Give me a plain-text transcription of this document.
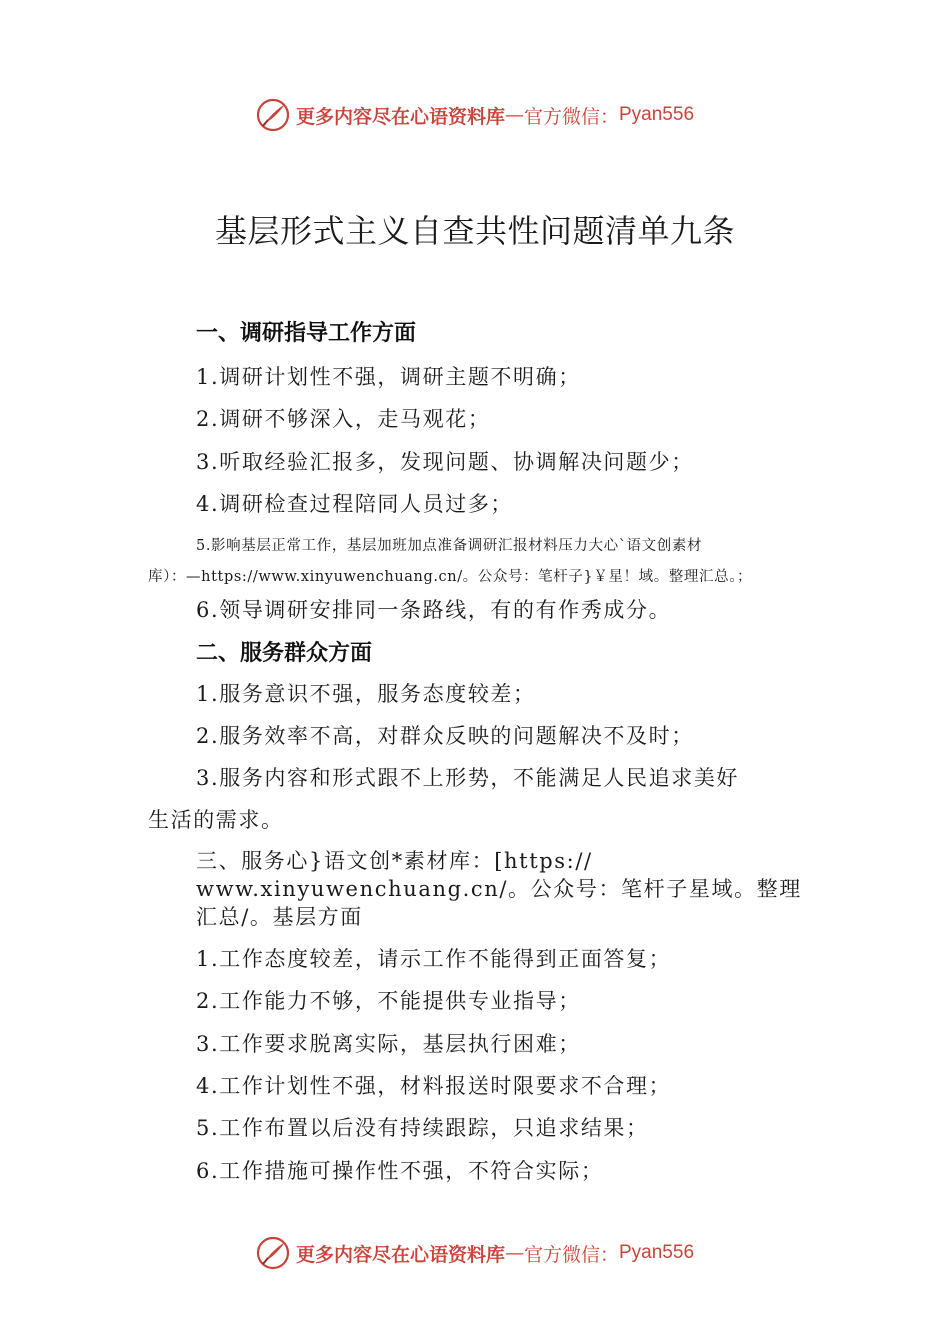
更多内容尽在心语资料库 — 官方微信： Pyan556
基层形式主义自查共性问题清单九条
一、调研指导工作方面
1.调研计划性不强，调研主题不明确；
2.调研不够深入，走马观花；
3.听取经验汇报多，发现问题、协调解决问题少；
4.调研检查过程陪同人员过多；
5.影响基层正常工作，基层加班加点准备调研汇报材料压力大心`语文创素材
库）：—https://www.xinyuwenchuang.cn/。公众号：笔杆子}￥星！域。整理汇总。；
6.领导调研安排同一条路线，有的有作秀成分。
二、服务群众方面
1.服务意识不强，服务态度较差；
2.服务效率不高，对群众反映的问题解决不及时；
3.服务内容和形式跟不上形势，不能满足人民追求美好
生活的需求。
三、服务心}语文创*素材库：[https://
www.xinyuwenchuang.cn/。公众号：笔杆子星域。整理
汇总/。基层方面
1.工作态度较差，请示工作不能得到正面答复；
2.工作能力不够，不能提供专业指导；
3.工作要求脱离实际，基层执行困难；
4.工作计划性不强，材料报送时限要求不合理；
5.工作布置以后没有持续跟踪，只追求结果；
6.工作措施可操作性不强，不符合实际；
更多内容尽在心语资料库 — 官方微信： Pyan556
